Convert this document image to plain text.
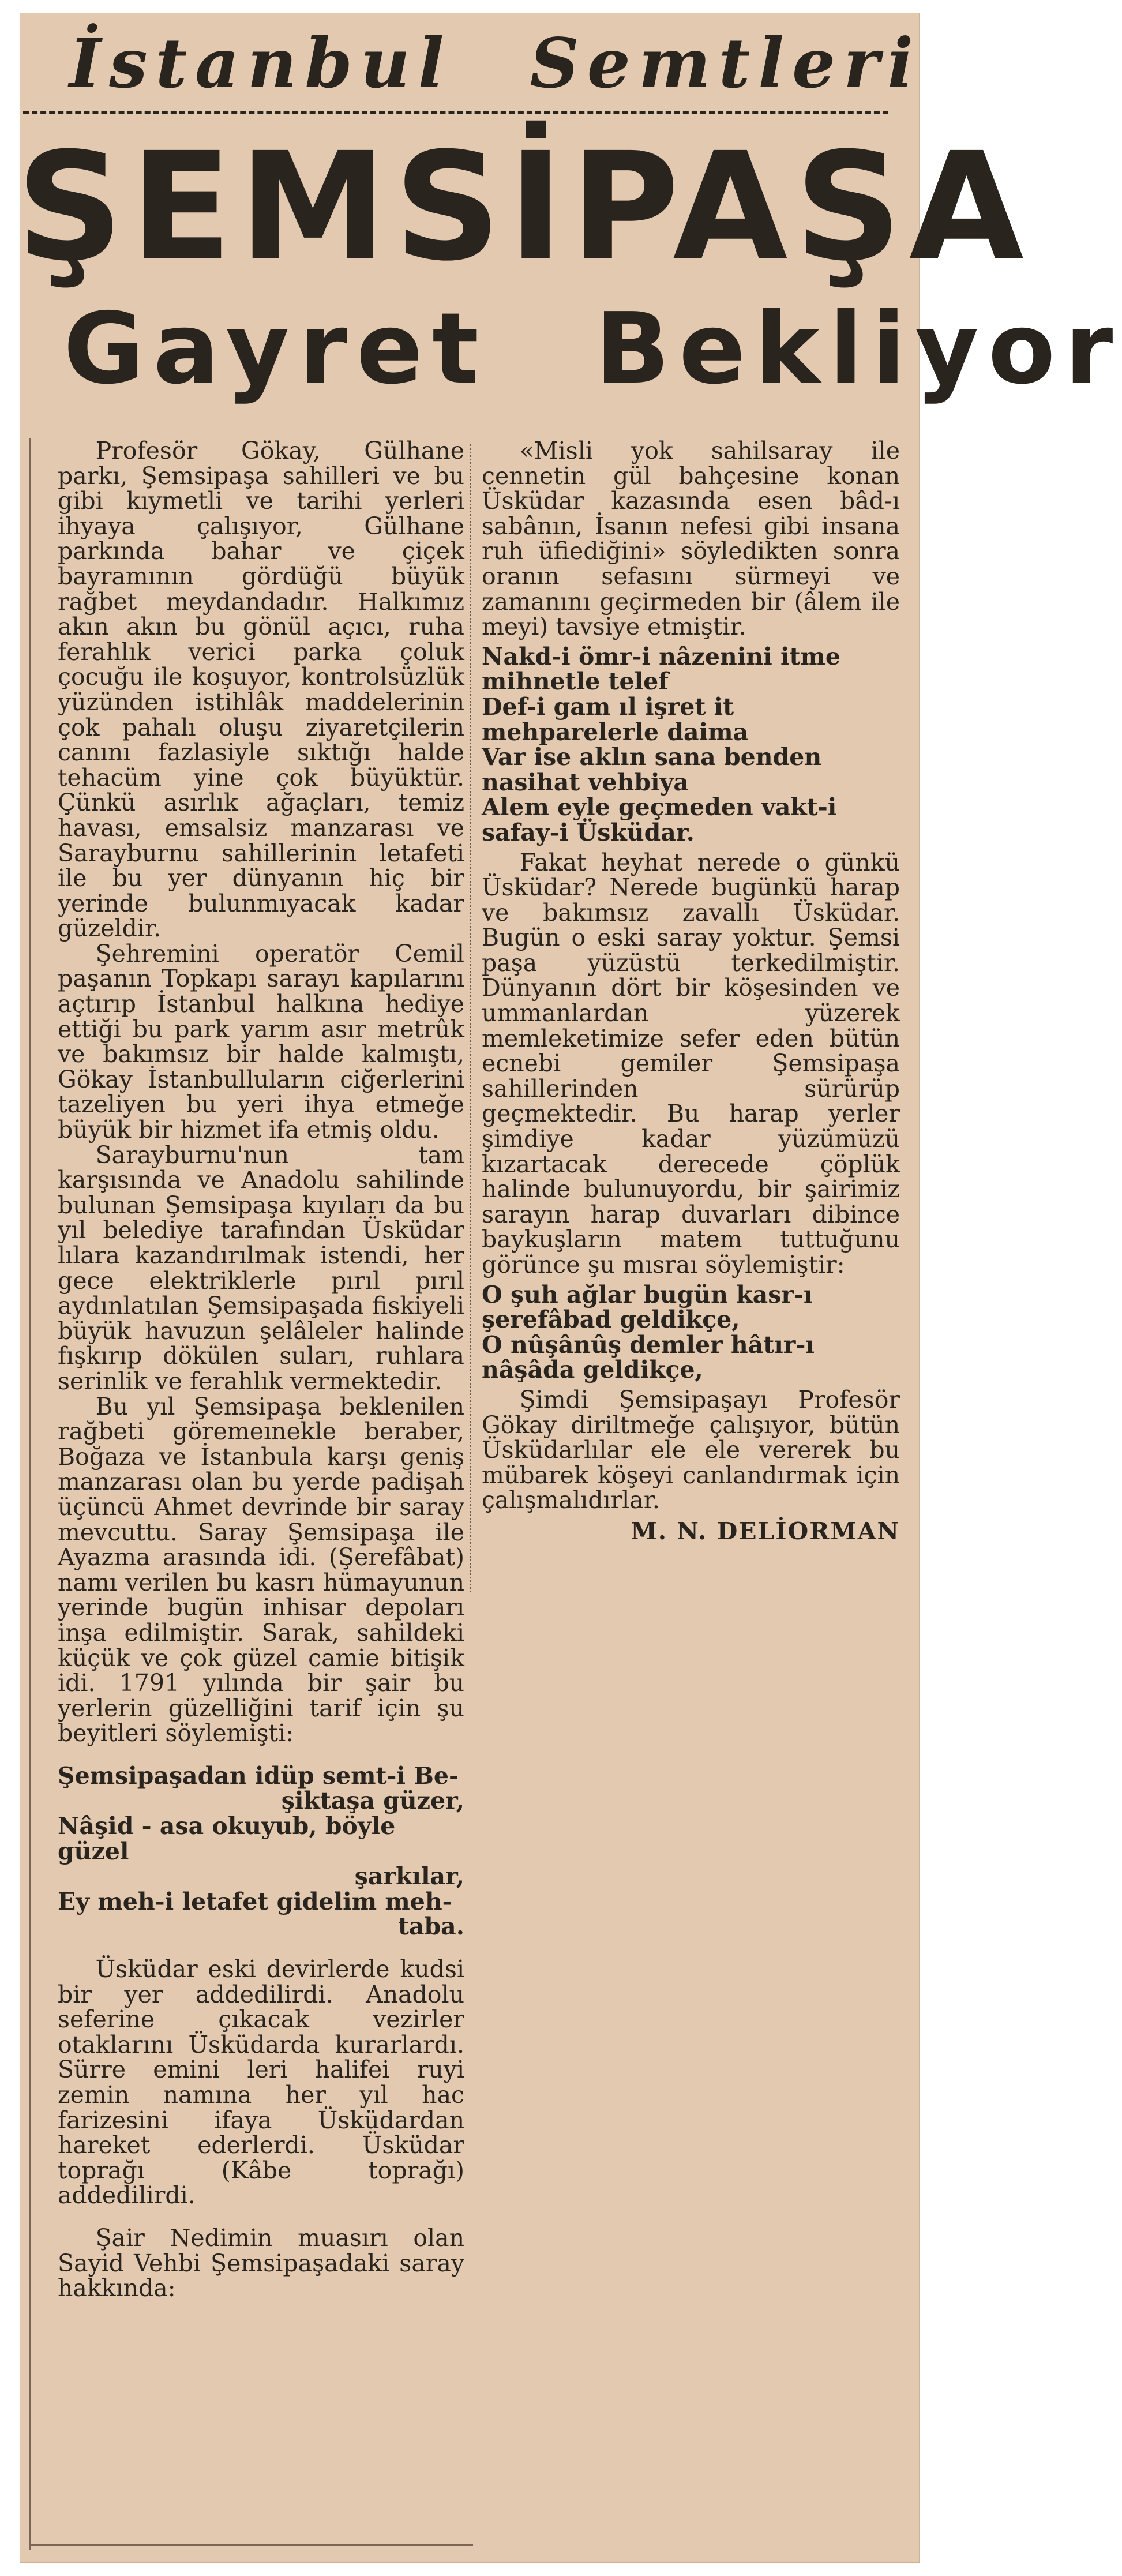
İstanbul Semtleri
ŞEMSİPAŞA
Gayret Bekliyor

Profesör Gökay, Gülhane parkı, Şemsipaşa sahilleri ve bu gibi kıymetli ve tarihi yerleri ihyaya çalışıyor, Gülhane parkında bahar ve çiçek bayramının gördüğü büyük rağbet meydandadır. Halkımız akın akın bu gönül açıcı, ruha ferahlık verici parka çoluk çocuğu ile koşuyor, kontrolsüzlük yüzünden istihlâk maddelerinin çok pahalı oluşu ziyaretçilerin canını fazlasiyle sıktığı halde tehacüm yine çok büyüktür. Çünkü asırlık ağaçları, temiz havası, emsalsiz manzarası ve Sarayburnu sahillerinin letafeti ile bu yer dünyanın hiç bir yerinde bulunmıyacak kadar güzeldir.

Şehremini operatör Cemil paşanın Topkapı sarayı kapılarını açtırıp İstanbul halkına hediye ettiği bu park yarım asır metrûk ve bakımsız bir halde kalmıştı, Gökay İstanbulluların ciğerlerini tazeliyen bu yeri ihya etmeğe büyük bir hizmet ifa etmiş oldu.

Sarayburnu'nun tam karşısında ve Anadolu sahilinde bulunan Şemsipaşa kıyıları da bu yıl belediye tarafından Üsküdar lılara kazandırılmak istendi, her gece elektriklerle pırıl pırıl aydınlatılan Şemsipaşada fiskiyeli büyük havuzun şelâleler halinde fışkırıp dökülen suları, ruhlara serinlik ve ferahlık vermektedir.

Bu yıl Şemsipaşa beklenilen rağbeti göremeınekle beraber, Boğaza ve İstanbula karşı geniş manzarası olan bu yerde padişah üçüncü Ahmet devrinde bir saray mevcuttu. Saray Şemsipaşa ile Ayazma arasında idi. (Şerefâbat) namı verilen bu kasrı hümayunun yerinde bugün inhisar depoları inşa edilmiştir. Sarak, sahildeki küçük ve çok güzel camie bitişik idi. 1791 yılında bir şair bu yerlerin güzelliğini tarif için şu beyitleri söylemişti:

Şemsipaşadan idüp semt-i Be-
şiktaşa güzer,
Nâşid - asa okuyub, böyle güzel
şarkılar,
Ey meh-i letafet gidelim meh-
taba.

Üsküdar eski devirlerde kudsi bir yer addedilirdi. Anadolu seferine çıkacak vezirler otaklarını Üsküdarda kurarlardı. Sürre emini leri halifei ruyi zemin namına her yıl hac farizesini ifaya Üsküdardan hareket ederlerdi. Üsküdar toprağı (Kâbe toprağı) addedilirdi.

Şair Nedimin muasırı olan Sayid Vehbi Şemsipaşadaki saray hakkında:

«Misli yok sahilsaray ile cennetin gül bahçesine konan Üsküdar kazasında esen bâd-ı sabânın, İsanın nefesi gibi insana ruh üfiediğini» söyledikten sonra oranın sefasını sürmeyi ve zamanını geçirmeden bir (âlem ile meyi) tavsiye etmiştir.

Nakd-i ömr-i nâzenini itme mihnetle telef
Def-i gam ıl işret it mehparelerle daima
Var ise aklın sana benden nasihat vehbiya
Alem eyle geçmeden vakt-i safay-i Üsküdar.

Fakat heyhat nerede o günkü Üsküdar? Nerede bugünkü harap ve bakımsız zavallı Üsküdar. Bugün o eski saray yoktur. Şemsi paşa yüzüstü terkedilmiştir. Dünyanın dört bir köşesinden ve ummanlardan yüzerek memleketimize sefer eden bütün ecnebi gemiler Şemsipaşa sahillerinden sürürüp geçmektedir. Bu harap yerler şimdiye kadar yüzümüzü kızartacak derecede çöplük halinde bulunuyordu, bir şairimiz sarayın harap duvarları dibince baykuşların matem tuttuğunu görünce şu mısraı söylemiştir:

O şuh ağlar bugün kasr-ı şerefâbad geldikçe,
O nûşânûş demler hâtır-ı nâşâda geldikçe,

Şimdi Şemsipaşayı Profesör Gökay diriltmeğe çalışıyor, bütün Üsküdarlılar ele ele vererek bu mübarek köşeyi canlandırmak için çalışmalıdırlar.

M. N. DELİORMAN
